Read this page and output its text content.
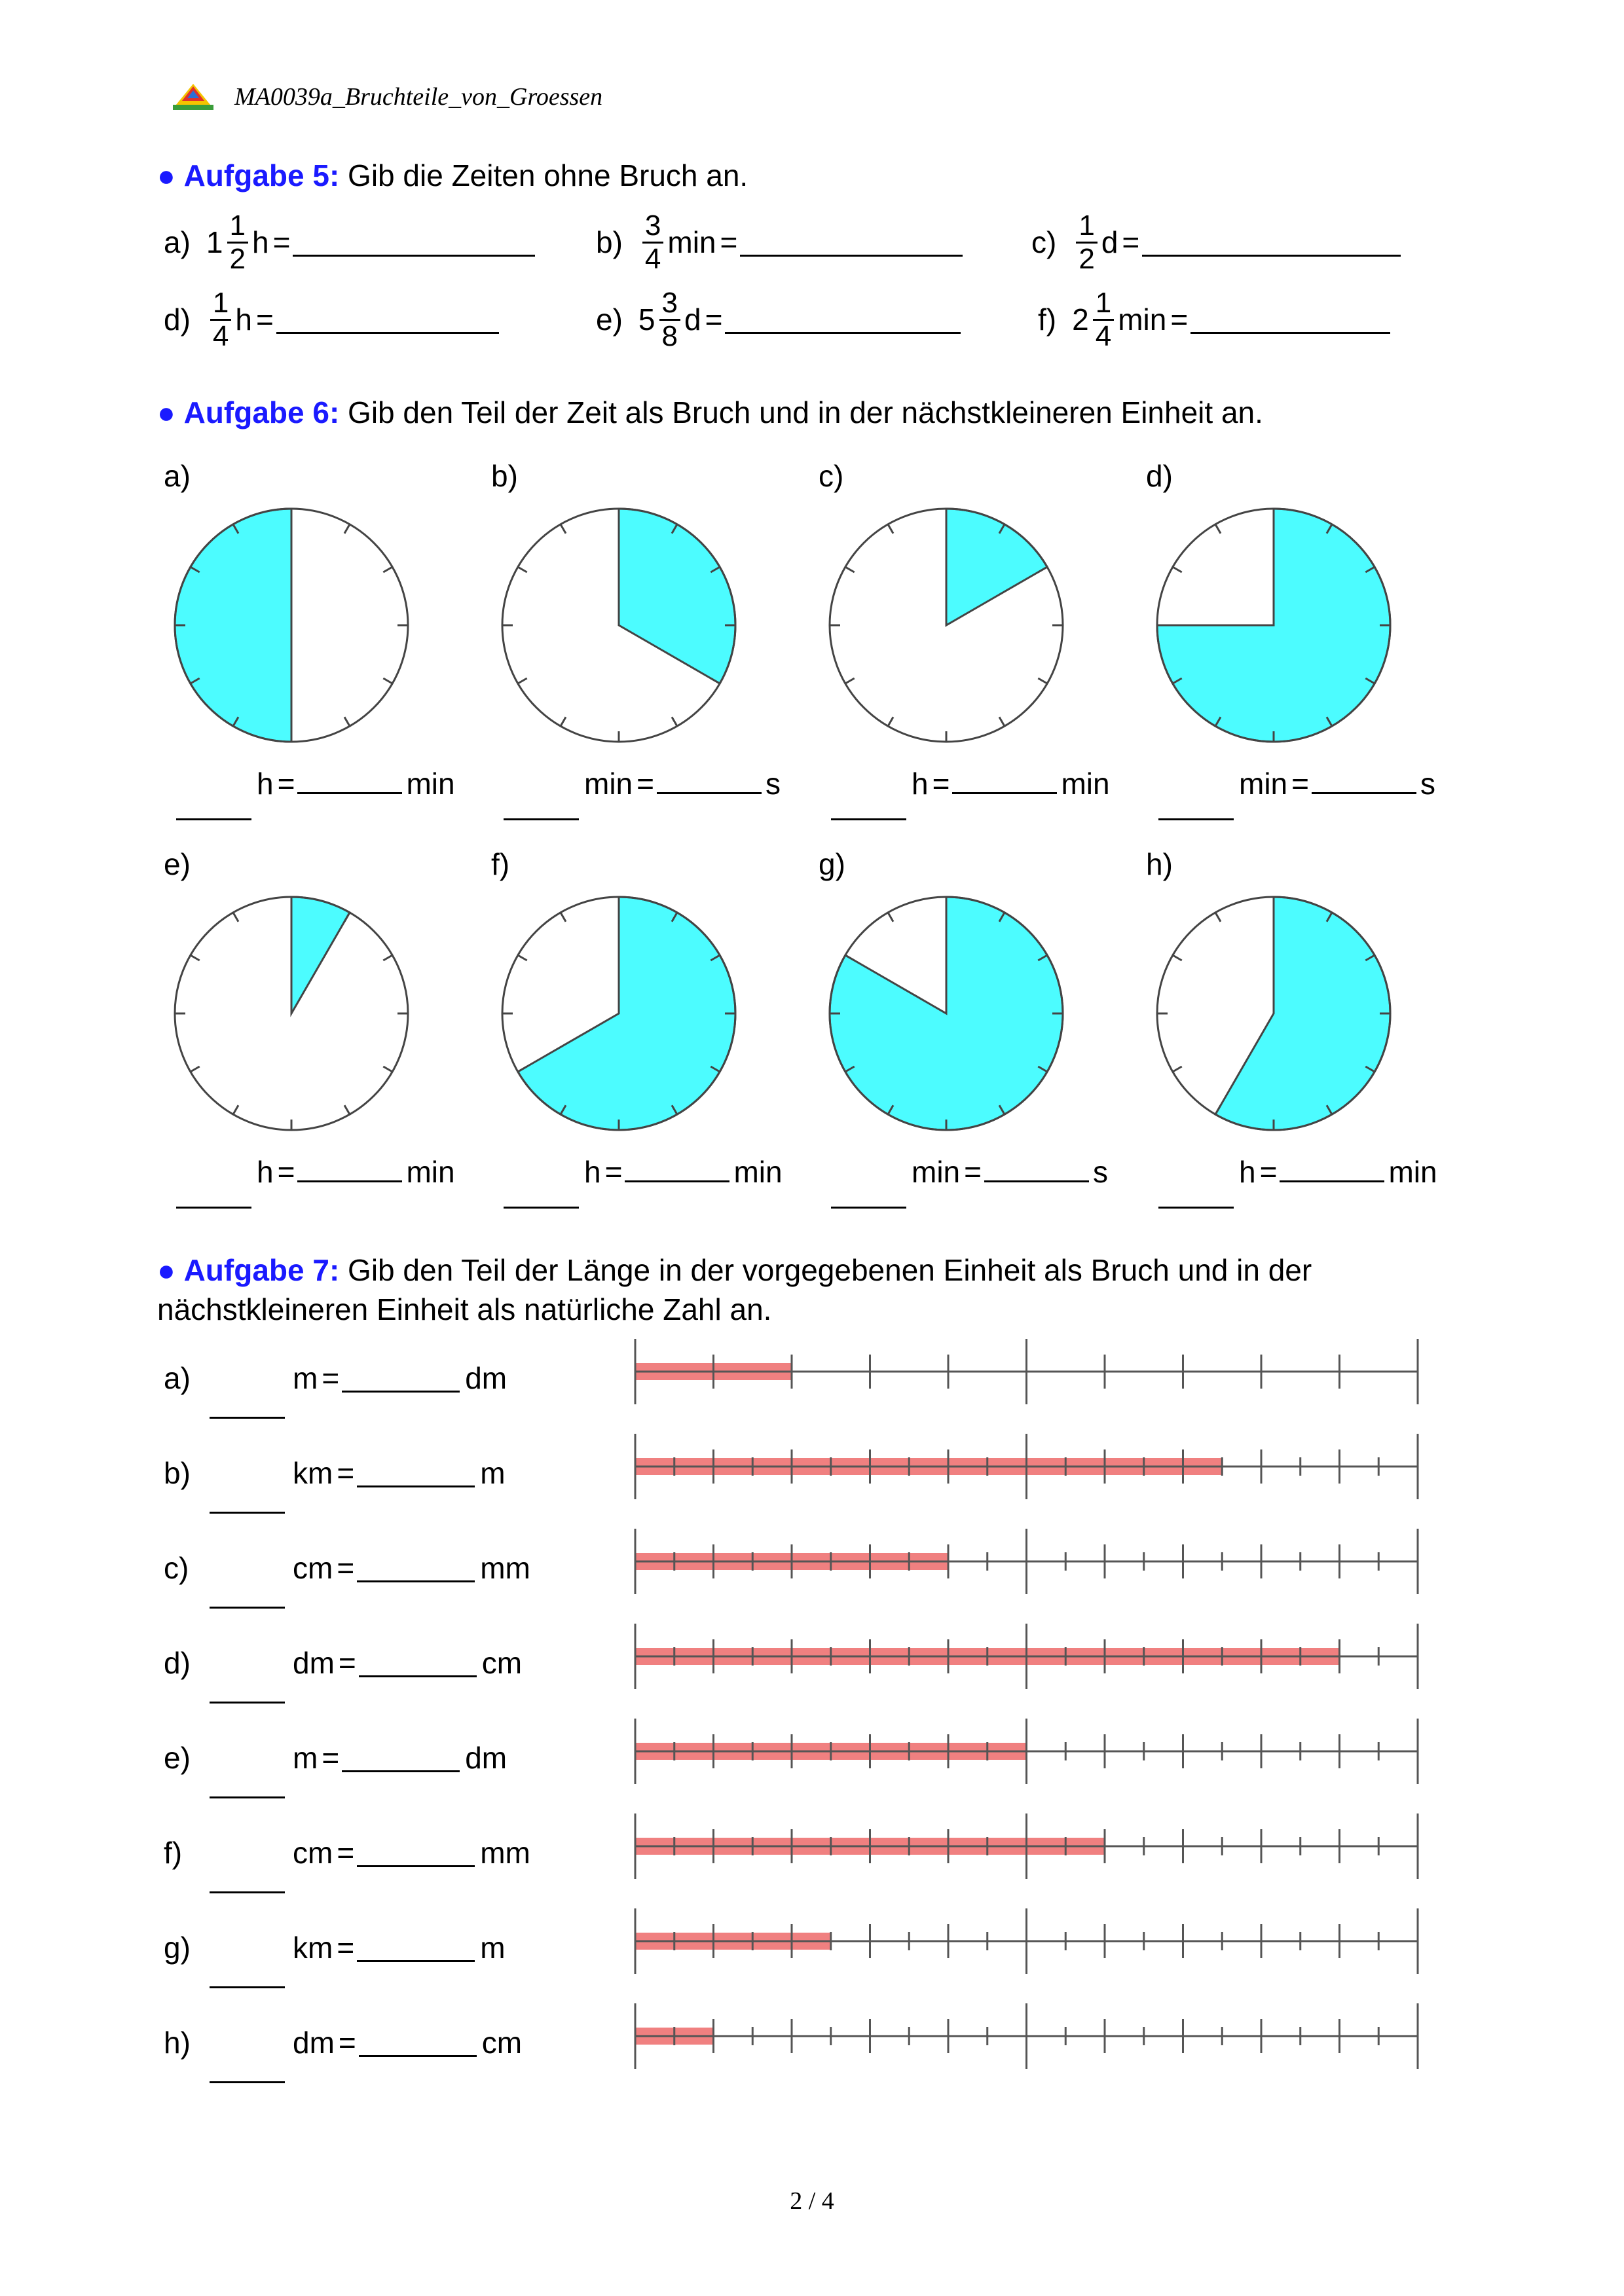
MA0039a_Bruchteile_von_Groessen
● Aufgabe 5: Gib die Zeiten ohne Bruch an.
a) $1 \frac{1}{2}$ h =	$b) \frac{3}{4}$ min =	$c) \frac{1}{2}$ d =
$d) \frac{1}{4}$ h =	e) $5 \frac{3}{8}$ d =	f) $2 \frac{1}{4}$ min =
● Aufgabe 6: Gib den Teil der Zeit als Bruch und in der nächstkleineren Einheit an.
a)
h =	min
b)
min =	s
c)
h =	min
d)
min =	s
e)
h =	min
f)
h =	min
g)
min =	s
h)
h =	min
● Aufgabe 7: Gib den Teil der Länge in der vorgegebenen Einheit als Bruch und in der
nächstkleineren Einheit als natürliche Zahl an.
a)	m =	dm
b)	km =	m
c)	cm =	mm
d)	dm =	cm
e)	m =	dm
f)	cm =	mm
g)	km =	m
h)	dm =	cm
2 / 4
